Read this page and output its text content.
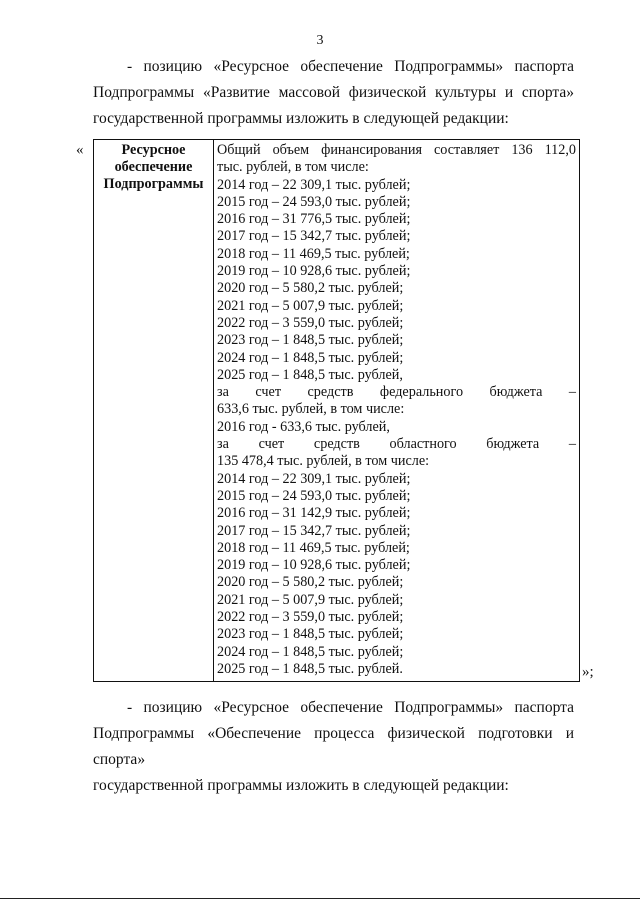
3
- позицию «Ресурсное обеспечение Подпрограммы» паспорта
Подпрограммы «Развитие массовой физической культуры и спорта»
государственной программы изложить в следующей редакции:
«	Ресурсное
обеспечение
Подпрограммы

Общий объем финансирования составляет 136 112,0
тыс. рублей, в том числе:
2014 год – 22 309,1 тыс. рублей;
2015 год – 24 593,0 тыс. рублей;
2016 год – 31 776,5 тыс. рублей;
2017 год – 15 342,7 тыс. рублей;
2018 год – 11 469,5 тыс. рублей;
2019 год – 10 928,6 тыс. рублей;
2020 год – 5 580,2 тыс. рублей;
2021 год – 5 007,9 тыс. рублей;
2022 год – 3 559,0 тыс. рублей;
2023 год – 1 848,5 тыс. рублей;
2024 год – 1 848,5 тыс. рублей;
2025 год – 1 848,5 тыс. рублей,
за счет средств федерального бюджета –
633,6 тыс. рублей, в том числе:
2016 год - 633,6 тыс. рублей,
за счет средств областного бюджета –
135 478,4 тыс. рублей, в том числе:
2014 год – 22 309,1 тыс. рублей;
2015 год – 24 593,0 тыс. рублей;
2016 год – 31 142,9 тыс. рублей;
2017 год – 15 342,7 тыс. рублей;
2018 год – 11 469,5 тыс. рублей;
2019 год – 10 928,6 тыс. рублей;
2020 год – 5 580,2 тыс. рублей;
2021 год – 5 007,9 тыс. рублей;
2022 год – 3 559,0 тыс. рублей;
2023 год – 1 848,5 тыс. рублей;
2024 год – 1 848,5 тыс. рублей;
2025 год – 1 848,5 тыс. рублей.	»;
- позицию «Ресурсное обеспечение Подпрограммы» паспорта
Подпрограммы «Обеспечение процесса физической подготовки и спорта»
государственной программы изложить в следующей редакции:
